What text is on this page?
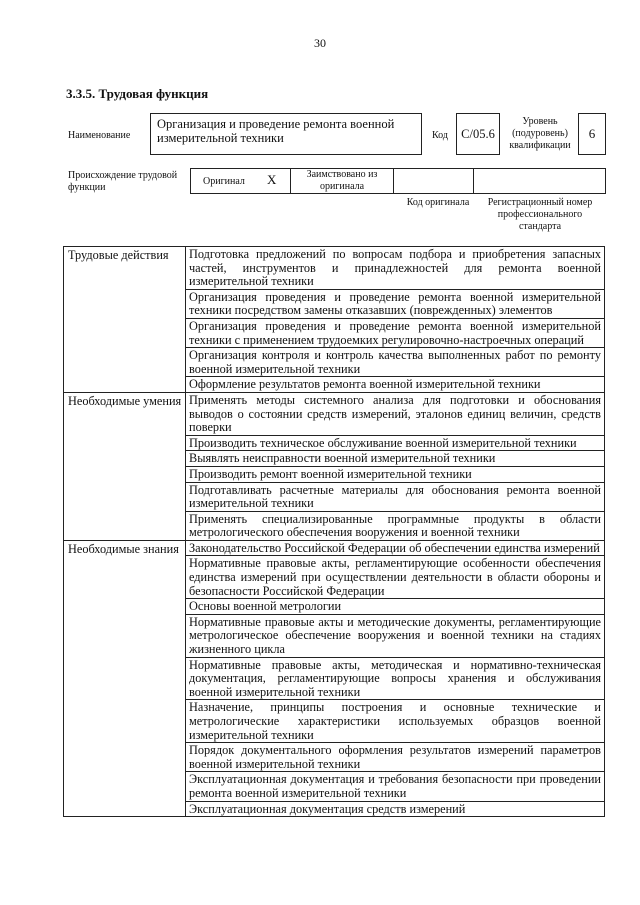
30
3.3.5. Трудовая функция
Наименование
Организация и проведение ремонта военной измерительной техники	Код C/05.6
Уровень (подуровень) квалификации
6
Происхождение трудовой функции
Оригинал X	Заимствовано из оригинала
Код оригинала	Регистрационный номер профессионального стандарта
Трудовые действия	Подготовка предложений по вопросам подбора и приобретения запасных частей, инструментов и принадлежностей для ремонта военной измерительной техники
	Организация проведения и проведение ремонта военной измерительной техники посредством замены отказавших (поврежденных) элементов
	Организация проведения и проведение ремонта военной измерительной техники с применением трудоемких регулировочно-настроечных операций
	Организация контроля и контроль качества выполненных работ по ремонту военной измерительной техники
	Оформление результатов ремонта военной измерительной техники
Необходимые умения	Применять методы системного анализа для подготовки и обоснования выводов о состоянии средств измерений, эталонов единиц величин, средств поверки
	Производить техническое обслуживание военной измерительной техники
	Выявлять неисправности военной измерительной техники
	Производить ремонт военной измерительной техники
	Подготавливать расчетные материалы для обоснования ремонта военной измерительной техники
	Применять специализированные программные продукты в области метрологического обеспечения вооружения и военной техники
Необходимые знания	Законодательство Российской Федерации об обеспечении единства измерений
	Нормативные правовые акты, регламентирующие особенности обеспечения единства измерений при осуществлении деятельности в области обороны и безопасности Российской Федерации
	Основы военной метрологии
	Нормативные правовые акты и методические документы, регламентирующие метрологическое обеспечение вооружения и военной техники на стадиях жизненного цикла
	Нормативные правовые акты, методическая и нормативно-техническая документация, регламентирующие вопросы хранения и обслуживания военной измерительной техники
	Назначение, принципы построения и основные технические и метрологические характеристики используемых образцов военной измерительной техники
	Порядок документального оформления результатов измерений параметров военной измерительной техники
	Эксплуатационная документация и требования безопасности при проведении ремонта военной измерительной техники
	Эксплуатационная документация средств измерений
